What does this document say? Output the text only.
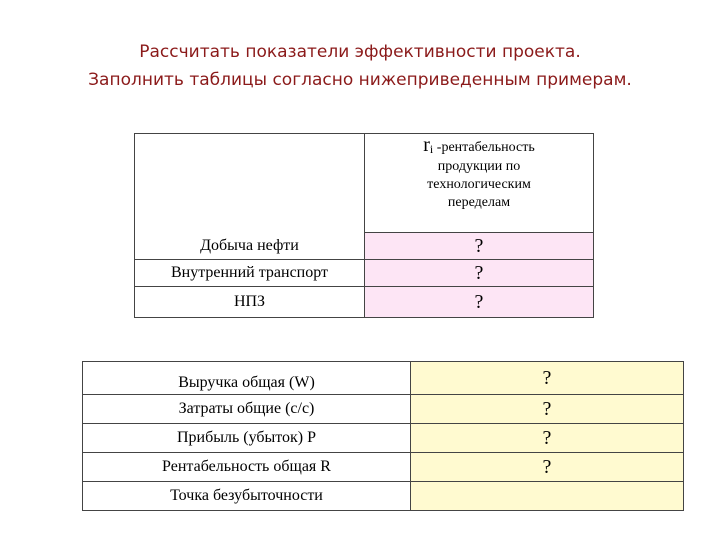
Рассчитать показатели эффективности проекта.
Заполнить таблицы согласно нижеприведенным примерам.

	ri -рентабельность
продукции по
технологическим
переделам

Добыча нефти	?
Внутренний транспорт	?
НПЗ	?
Выручка общая (W)	?
Затраты общие (с/с)	?
Прибыль (убыток) Р	?
Рентабельность общая R	?
Точка безубыточности	
